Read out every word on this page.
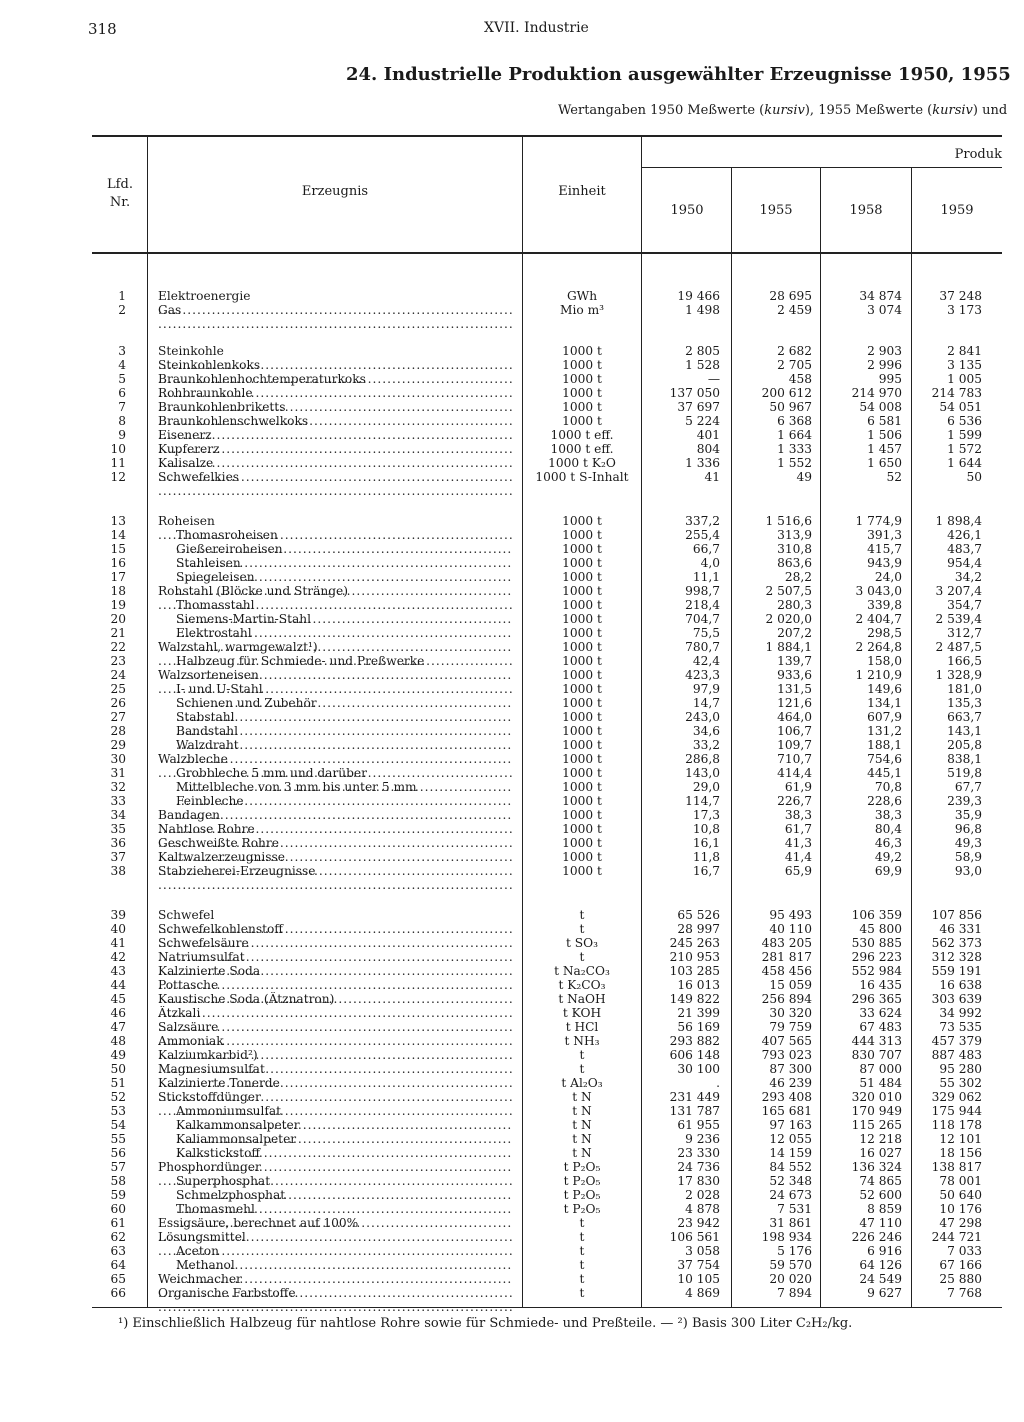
318	XVII. Industrie
24. Industrielle Produktion ausgewählter Erzeugnisse 1950, 1955
Wertangaben 1950 Meßwerte (kursiv), 1955 Meßwerte (kursiv) und
Lfd.
Nr.
Erzeugnis	Einheit
Produk
1950	1955	1958	1959
1	Elektroenergie .....	GWh	19 466	28 695	34 874	37 248
2	Gas .....	Mio m³	1 498	2 459	3 074	3 173
3	Steinkohle .....	1000 t	2 805	2 682	2 903	2 841
4	Steinkohlenkoks .....	1000 t	1 528	2 705	2 996	3 135
5	Braunkohlenhochtemperaturkoks .....	1000 t	—	458	995	1 005
6	Rohbraunkohle .....	1000 t	137 050	200 612	214 970	214 783
7	Braunkohlenbriketts .....	1000 t	37 697	50 967	54 008	54 051
8	Braunkohlenschwelkoks .....	1000 t	5 224	6 368	6 581	6 536
9	Eisenerz .....	1000 t eff.	401	1 664	1 506	1 599
10	Kupfererz .....	1000 t eff.	804	1 333	1 457	1 572
11	Kalisalze .....	1000 t K₂O	1 336	1 552	1 650	1 644
12	Schwefelkies .....	1000 t S-Inhalt	41	49	52	50
13	Roheisen .....	1000 t	337,2	1 516,6	1 774,9	1 898,4
14	Thomasroheisen .....	1000 t	255,4	313,9	391,3	426,1
15	Gießereiroheisen .....	1000 t	66,7	310,8	415,7	483,7
16	Stahleisen .....	1000 t	4,0	863,6	943,9	954,4
17	Spiegeleisen .....	1000 t	11,1	28,2	24,0	34,2
18	Rohstahl (Blöcke und Stränge) .....	1000 t	998,7	2 507,5	3 043,0	3 207,4
19	Thomasstahl .....	1000 t	218,4	280,3	339,8	354,7
20	Siemens-Martin-Stahl .....	1000 t	704,7	2 020,0	2 404,7	2 539,4
21	Elektrostahl .....	1000 t	75,5	207,2	298,5	312,7
22	Walzstahl, warmgewalzt¹) .....	1000 t	780,7	1 884,1	2 264,8	2 487,5
23	Halbzeug für Schmiede- und Preßwerke .....	1000 t	42,4	139,7	158,0	166,5
24	Walzsorteneisen .....	1000 t	423,3	933,6	1 210,9	1 328,9
25	I- und U-Stahl .....	1000 t	97,9	131,5	149,6	181,0
26	Schienen und Zubehör .....	1000 t	14,7	121,6	134,1	135,3
27	Stabstahl .....	1000 t	243,0	464,0	607,9	663,7
28	Bandstahl .....	1000 t	34,6	106,7	131,2	143,1
29	Walzdraht .....	1000 t	33,2	109,7	188,1	205,8
30	Walzbleche .....	1000 t	286,8	710,7	754,6	838,1
31	Grobbleche 5 mm und darüber .....	1000 t	143,0	414,4	445,1	519,8
32	Mittelbleche von 3 mm bis unter 5 mm .....	1000 t	29,0	61,9	70,8	67,7
33	Feinbleche .....	1000 t	114,7	226,7	228,6	239,3
34	Bandagen .....	1000 t	17,3	38,3	38,3	35,9
35	Nahtlose Rohre .....	1000 t	10,8	61,7	80,4	96,8
36	Geschweißte Rohre .....	1000 t	16,1	41,3	46,3	49,3
37	Kaltwalzerzeugnisse .....	1000 t	11,8	41,4	49,2	58,9
38	Stabzieherei-Erzeugnisse .....	1000 t	16,7	65,9	69,9	93,0
39	Schwefel .....	t	65 526	95 493	106 359	107 856
40	Schwefelkohlenstoff .....	t	28 997	40 110	45 800	46 331
41	Schwefelsäure .....	t SO₃	245 263	483 205	530 885	562 373
42	Natriumsulfat .....	t	210 953	281 817	296 223	312 328
43	Kalzinierte Soda .....	t Na₂CO₃	103 285	458 456	552 984	559 191
44	Pottasche .....	t K₂CO₃	16 013	15 059	16 435	16 638
45	Kaustische Soda (Ätznatron) .....	t NaOH	149 822	256 894	296 365	303 639
46	Ätzkali .....	t KOH	21 399	30 320	33 624	34 992
47	Salzsäure .....	t HCl	56 169	79 759	67 483	73 535
48	Ammoniak .....	t NH₃	293 882	407 565	444 313	457 379
49	Kalziumkarbid²) .....	t	606 148	793 023	830 707	887 483
50	Magnesiumsulfat .....	t	30 100	87 300	87 000	95 280
51	Kalzinierte Tonerde .....	t Al₂O₃	.	46 239	51 484	55 302
52	Stickstoffdünger .....	t N	231 449	293 408	320 010	329 062
53	Ammoniumsulfat .....	t N	131 787	165 681	170 949	175 944
54	Kalkammonsalpeter .....	t N	61 955	97 163	115 265	118 178
55	Kaliammonsalpeter .....	t N	9 236	12 055	12 218	12 101
56	Kalkstickstoff .....	t N	23 330	14 159	16 027	18 156
57	Phosphordünger .....	t P₂O₅	24 736	84 552	136 324	138 817
58	Superphosphat .....	t P₂O₅	17 830	52 348	74 865	78 001
59	Schmelzphosphat .....	t P₂O₅	2 028	24 673	52 600	50 640
60	Thomasmehl .....	t P₂O₅	4 878	7 531	8 859	10 176
61	Essigsäure, berechnet auf 100% .....	t	23 942	31 861	47 110	47 298
62	Lösungsmittel .....	t	106 561	198 934	226 246	244 721
63	Aceton .....	t	3 058	5 176	6 916	7 033
64	Methanol .....	t	37 754	59 570	64 126	67 166
65	Weichmacher .....	t	10 105	20 020	24 549	25 880
66	Organische Farbstoffe .....	t	4 869	7 894	9 627	7 768
¹) Einschließlich Halbzeug für nahtlose Rohre sowie für Schmiede- und Preßteile. — ²) Basis 300 Liter C₂H₂/kg.
